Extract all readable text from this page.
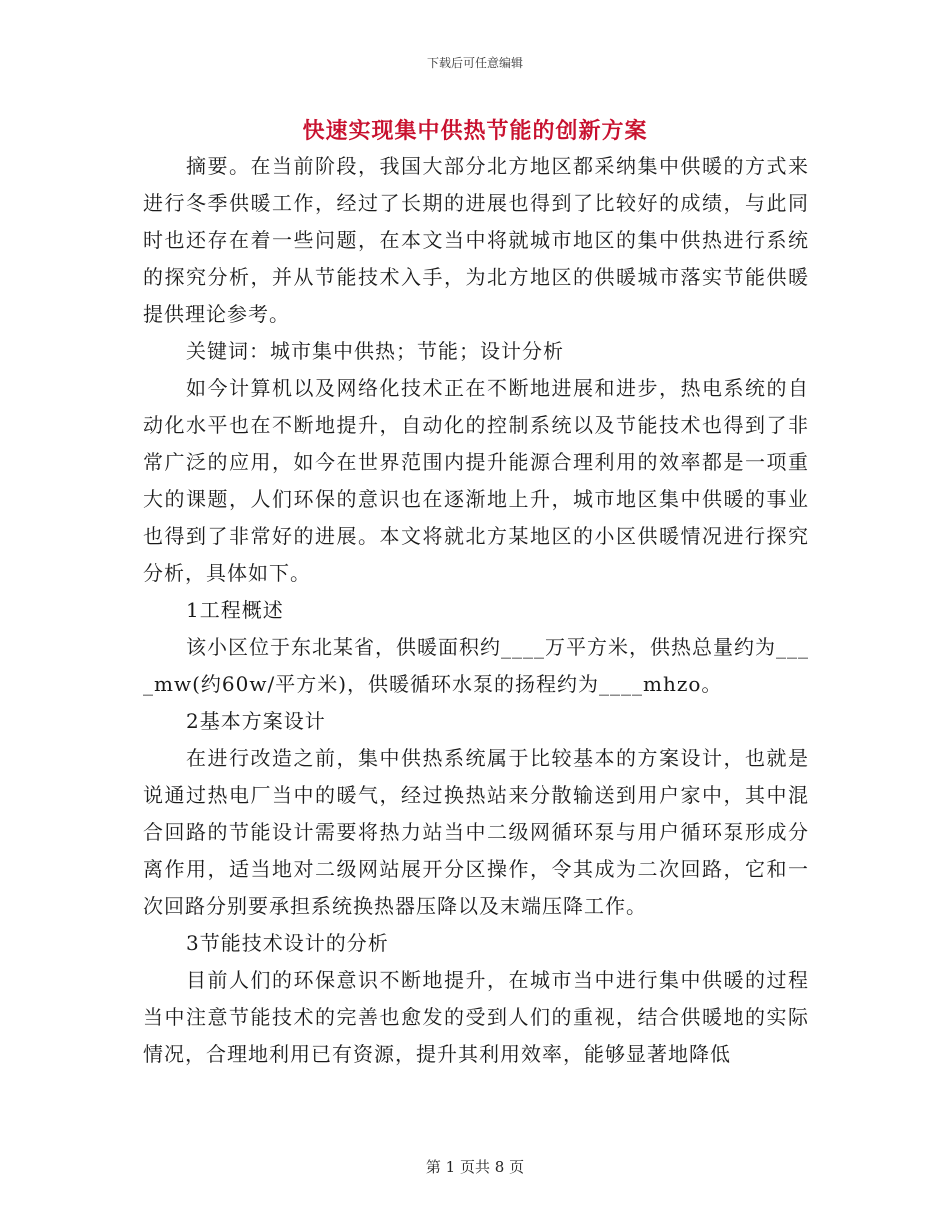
下载后可任意编辑
快速实现集中供热节能的创新方案

摘要。在当前阶段，我国大部分北方地区都采纳集中供暖的方式来进行冬季供暖工作，经过了长期的进展也得到了比较好的成绩，与此同时也还存在着一些问题，在本文当中将就城市地区的集中供热进行系统的探究分析，并从节能技术入手，为北方地区的供暖城市落实节能供暖提供理论参考。

关键词：城市集中供热；节能；设计分析

如今计算机以及网络化技术正在不断地进展和进步，热电系统的自动化水平也在不断地提升，自动化的控制系统以及节能技术也得到了非常广泛的应用，如今在世界范围内提升能源合理利用的效率都是一项重大的课题，人们环保的意识也在逐渐地上升，城市地区集中供暖的事业也得到了非常好的进展。本文将就北方某地区的小区供暖情况进行探究分析，具体如下。

1工程概述

该小区位于东北某省，供暖面积约____万平方米，供热总量约为____mw(约60w/平方米)，供暖循环水泵的扬程约为____mhzo。

2基本方案设计

在进行改造之前，集中供热系统属于比较基本的方案设计，也就是说通过热电厂当中的暖气，经过换热站来分散输送到用户家中，其中混合回路的节能设计需要将热力站当中二级网循环泵与用户循环泵形成分离作用，适当地对二级网站展开分区操作，令其成为二次回路，它和一次回路分别要承担系统换热器压降以及末端压降工作。

3节能技术设计的分析

目前人们的环保意识不断地提升，在城市当中进行集中供暖的过程当中注意节能技术的完善也愈发的受到人们的重视，结合供暖地的实际情况，合理地利用已有资源，提升其利用效率，能够显著地降低

第 1 页共 8 页
